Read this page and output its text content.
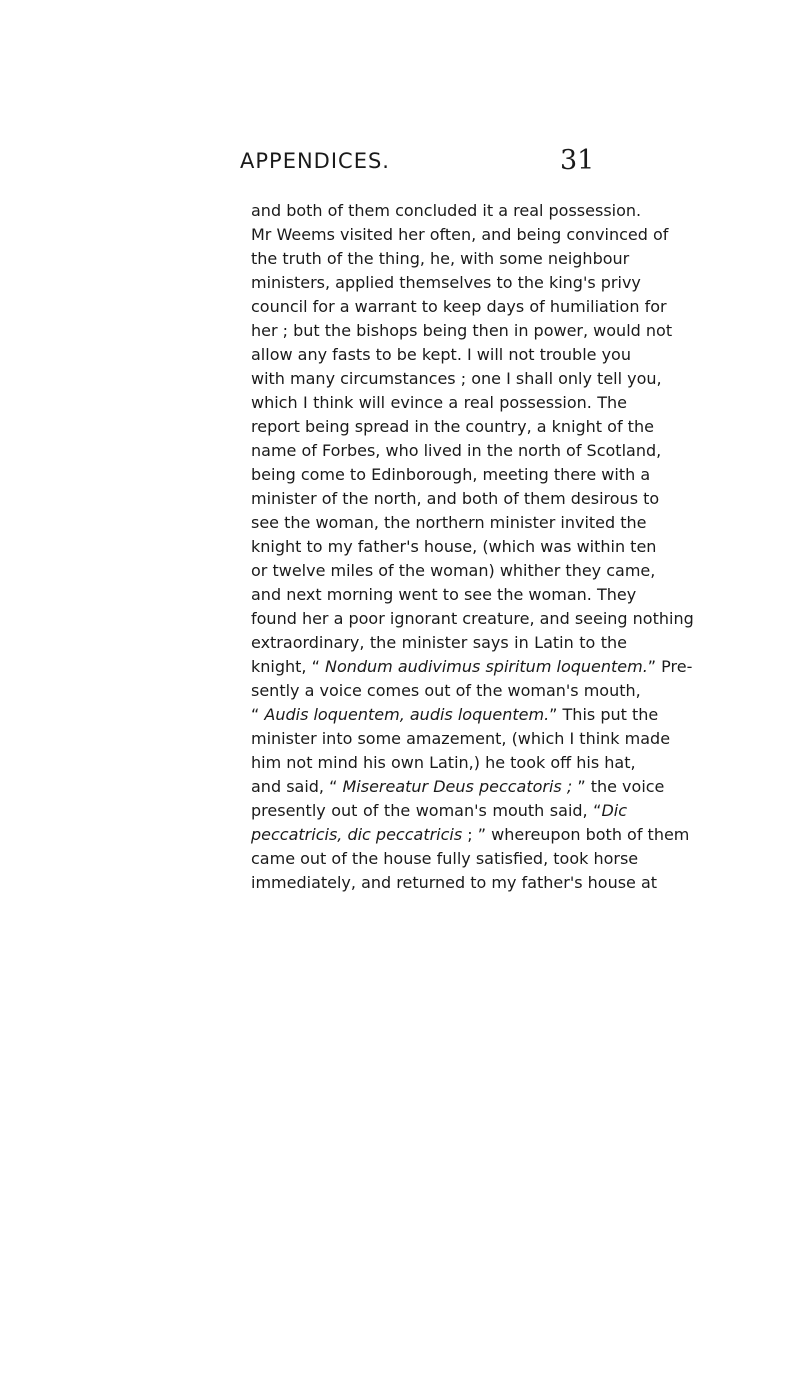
APPENDICES.	31
and both of them concluded it a real possession.
Mr Weems visited her often, and being convinced of
the truth of the thing, he, with some neighbour
ministers, applied themselves to the king's privy
council for a warrant to keep days of humiliation for
her ; but the bishops being then in power, would not
allow any fasts to be kept. I will not trouble you
with many circumstances ; one I shall only tell you,
which I think will evince a real possession. The
report being spread in the country, a knight of the
name of Forbes, who lived in the north of Scotland,
being come to Edinborough, meeting there with a
minister of the north, and both of them desirous to
see the woman, the northern minister invited the
knight to my father's house, (which was within ten
or twelve miles of the woman) whither they came,
and next morning went to see the woman. They
found her a poor ignorant creature, and seeing nothing
extraordinary, the minister says in Latin to the
knight, “ Nondum audivimus spiritum loquentem.” Pre-
sently a voice comes out of the woman's mouth,
“ Audis loquentem, audis loquentem.” This put the
minister into some amazement, (which I think made
him not mind his own Latin,) he took off his hat,
and said, “ Misereatur Deus peccatoris ; ” the voice
presently out of the woman's mouth said, “Dic
peccatricis, dic peccatricis ; ” whereupon both of them
came out of the house fully satisfied, took horse
immediately, and returned to my father's house at
